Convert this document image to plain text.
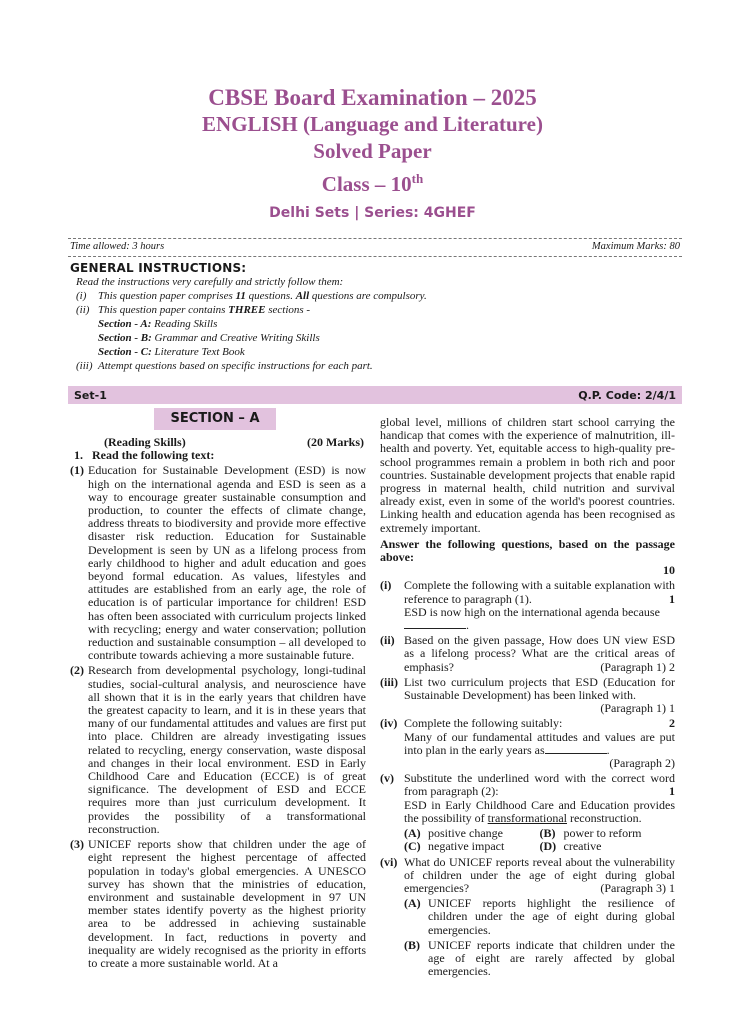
CBSE Board Examination – 2025
ENGLISH (Language and Literature)
Solved Paper
Class – 10th
Delhi Sets | Series: 4GHEF
Time allowed: 3 hours	Maximum Marks: 80
GENERAL INSTRUCTIONS:
Read the instructions very carefully and strictly follow them:
(i) This question paper comprises 11 questions. All questions are compulsory.
(ii) This question paper contains THREE sections -
Section - A: Reading Skills
Section - B: Grammar and Creative Writing Skills
Section - C: Literature Text Book
(iii) Attempt questions based on specific instructions for each part.
Set-1	Q.P. Code: 2/4/1
SECTION – A
(Reading Skills)	(20 Marks)
1. Read the following text:
(1) Education for Sustainable Development (ESD) is now high on the international agenda and ESD is seen as a way to encourage greater sustainable consumption and production, to counter the effects of climate change, address threats to biodiversity and provide more effective disaster risk reduction. Education for Sustainable Development is seen by UN as a lifelong process from early childhood to higher and adult education and goes beyond formal education. As values, lifestyles and attitudes are established from an early age, the role of education is of particular importance for children! ESD has often been associated with curriculum projects linked with recycling; energy and water conservation; pollution reduction and sustainable consumption – all developed to contribute towards achieving a more sustainable future.
(2) Research from developmental psychology, longi-tudinal studies, social-cultural analysis, and neuroscience have all shown that it is in the early years that children have the greatest capacity to learn, and it is in these years that many of our fundamental attitudes and values are first put into place. Children are already investigating issues related to recycling, energy conservation, waste disposal and changes in their local environment. ESD in Early Childhood Care and Education (ECCE) is of great significance. The development of ESD and ECCE requires more than just curriculum development. It provides the possibility of a transformational reconstruction.
(3) UNICEF reports show that children under the age of eight represent the highest percentage of affected population in today's global emergencies. A UNESCO survey has shown that the ministries of education, environment and sustainable development in 97 UN member states identify poverty as the highest priority area to be addressed in achieving sustainable development. In fact, reductions in poverty and inequality are widely recognised as the priority in efforts to create a more sustainable world. At a
global level, millions of children start school carrying the handicap that comes with the experience of malnutrition, ill-health and poverty. Yet, equitable access to high-quality pre-school programmes remain a problem in both rich and poor countries. Sustainable development projects that enable rapid progress in maternal health, child nutrition and survival already exist, even in some of the world's poorest countries. Linking health and education agenda has been recognised as extremely important.
Answer the following questions, based on the passage above:
10
(i)	Complete the following with a suitable explanation with reference to paragraph (1).	1

ESD is now high on the international agenda because
.
(ii) Based on the given passage, How does UN view ESD as a lifelong process? What are the critical areas of emphasis?	(Paragraph 1) 2
(iii) List two curriculum projects that ESD (Education for Sustainable Development) has been linked with.
(Paragraph 1) 1
(iv) Complete the following suitably:	2

Many of our fundamental attitudes and values are put into plan in the early years as	.
(Paragraph 2)
(v) Substitute the underlined word with the correct word from paragraph (2):	1

ESD in Early Childhood Care and Education provides the possibility of transformational reconstruction.
(A) positive change	(B) power to reform
(C) negative impact	(D) creative
(vi) What do UNICEF reports reveal about the vulnerability of children under the age of eight during global emergencies?	(Paragraph 3) 1
(A) UNICEF reports highlight the resilience of children under the age of eight during global emergencies.
(B) UNICEF reports indicate that children under the age of eight are rarely affected by global emergencies.
